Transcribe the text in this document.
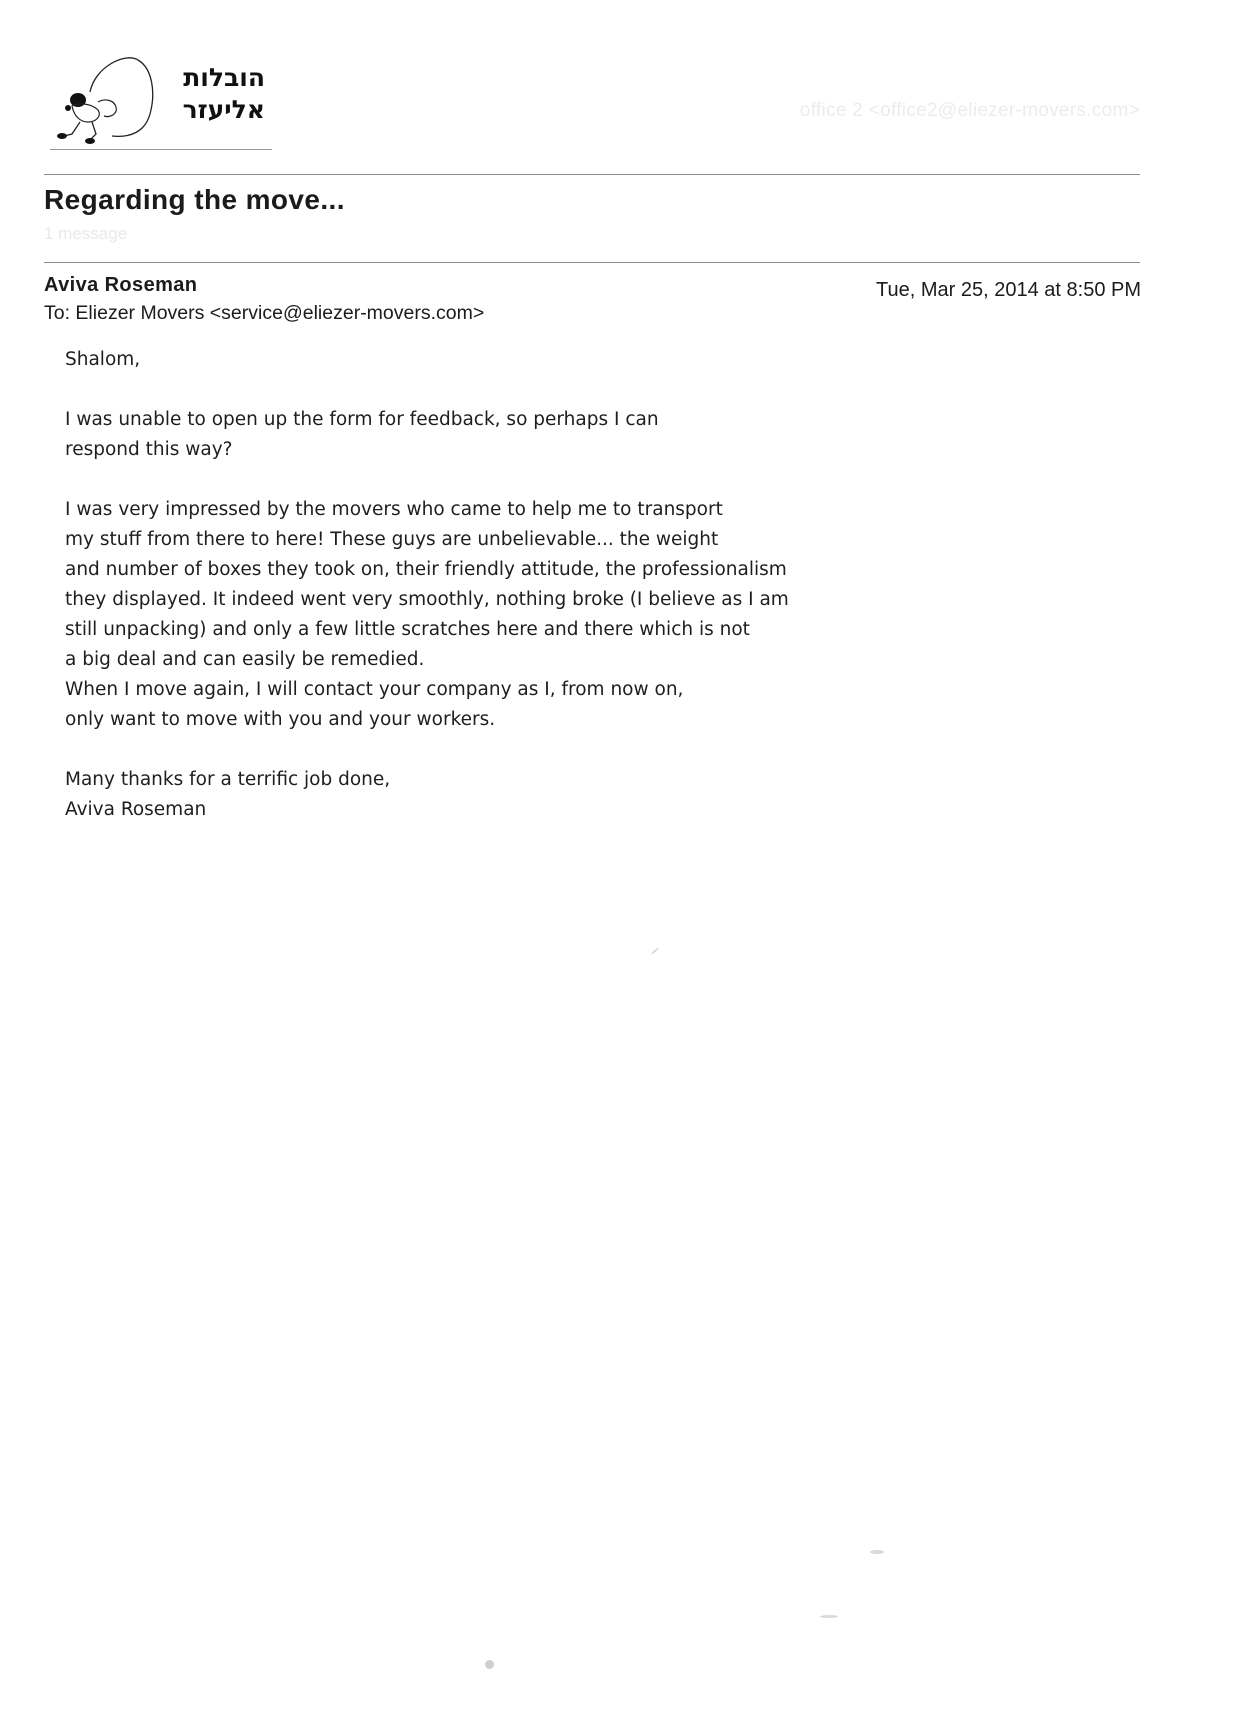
הובלות
אליעזר	office 2 <office2@eliezer-movers.com>
Regarding the move...
1 message
Aviva Roseman	Tue, Mar 25, 2014 at 8:50 PM
To: Eliezer Movers <service@eliezer-movers.com>

Shalom,

I was unable to open up the form for feedback, so perhaps I can

respond this way?

I was very impressed by the movers who came to help me to transport

my stuff from there to here! These guys are unbelievable... the weight

and number of boxes they took on, their friendly attitude, the professionalism

they displayed. It indeed went very smoothly, nothing broke (I believe as I am

still unpacking) and only a few little scratches here and there which is not

a big deal and can easily be remedied.

When I move again, I will contact your company as I, from now on,

only want to move with you and your workers.

Many thanks for a terrific job done,

Aviva Roseman
